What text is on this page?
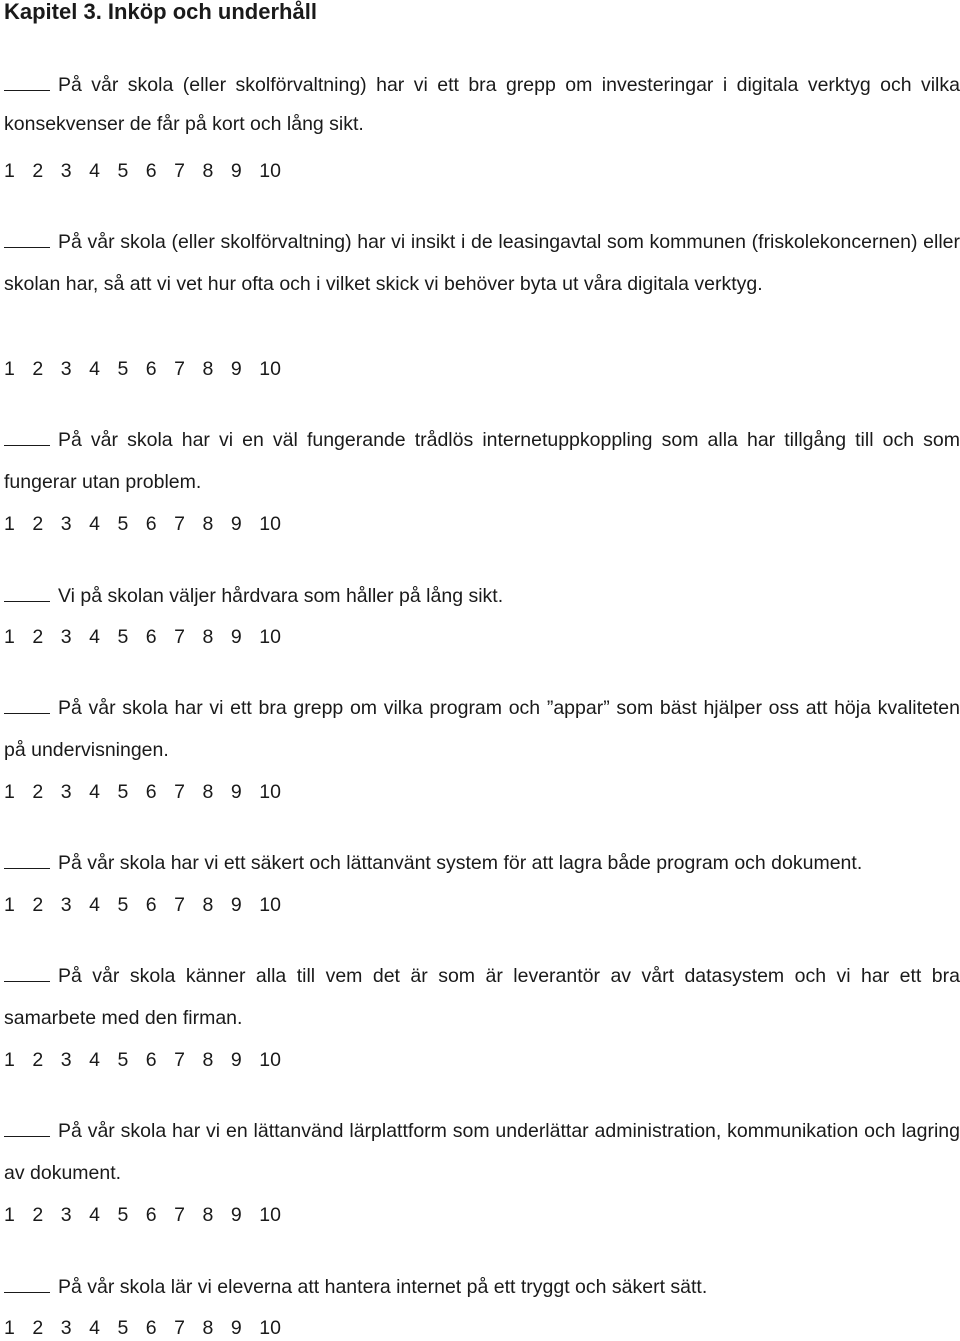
Kapitel 3. Inköp och underhåll

På vår skola (eller skolförvaltning) har vi ett bra grepp om investeringar i digitala verktyg och vilka konsekvenser de får på kort och lång sikt.

1 2 3 4 5 6 7 8 9 10

På vår skola (eller skolförvaltning) har vi insikt i de leasingavtal som kommunen (friskolekoncernen) eller skolan har, så att vi vet hur ofta och i vilket skick vi behöver byta ut våra digitala verktyg.

1 2 3 4 5 6 7 8 9 10

På vår skola har vi en väl fungerande trådlös internetuppkoppling som alla har tillgång till och som fungerar utan problem.

1 2 3 4 5 6 7 8 9 10

Vi på skolan väljer hårdvara som håller på lång sikt.

1 2 3 4 5 6 7 8 9 10

På vår skola har vi ett bra grepp om vilka program och ”appar” som bäst hjälper oss att höja kvaliteten på undervisningen.

1 2 3 4 5 6 7 8 9 10

På vår skola har vi ett säkert och lättanvänt system för att lagra både program och dokument.

1 2 3 4 5 6 7 8 9 10

På vår skola känner alla till vem det är som är leverantör av vårt datasystem och vi har ett bra samarbete med den firman.

1 2 3 4 5 6 7 8 9 10

På vår skola har vi en lättanvänd lärplattform som underlättar administration, kommunikation och lagring av dokument.

1 2 3 4 5 6 7 8 9 10

På vår skola lär vi eleverna att hantera internet på ett tryggt och säkert sätt.

1 2 3 4 5 6 7 8 9 10
